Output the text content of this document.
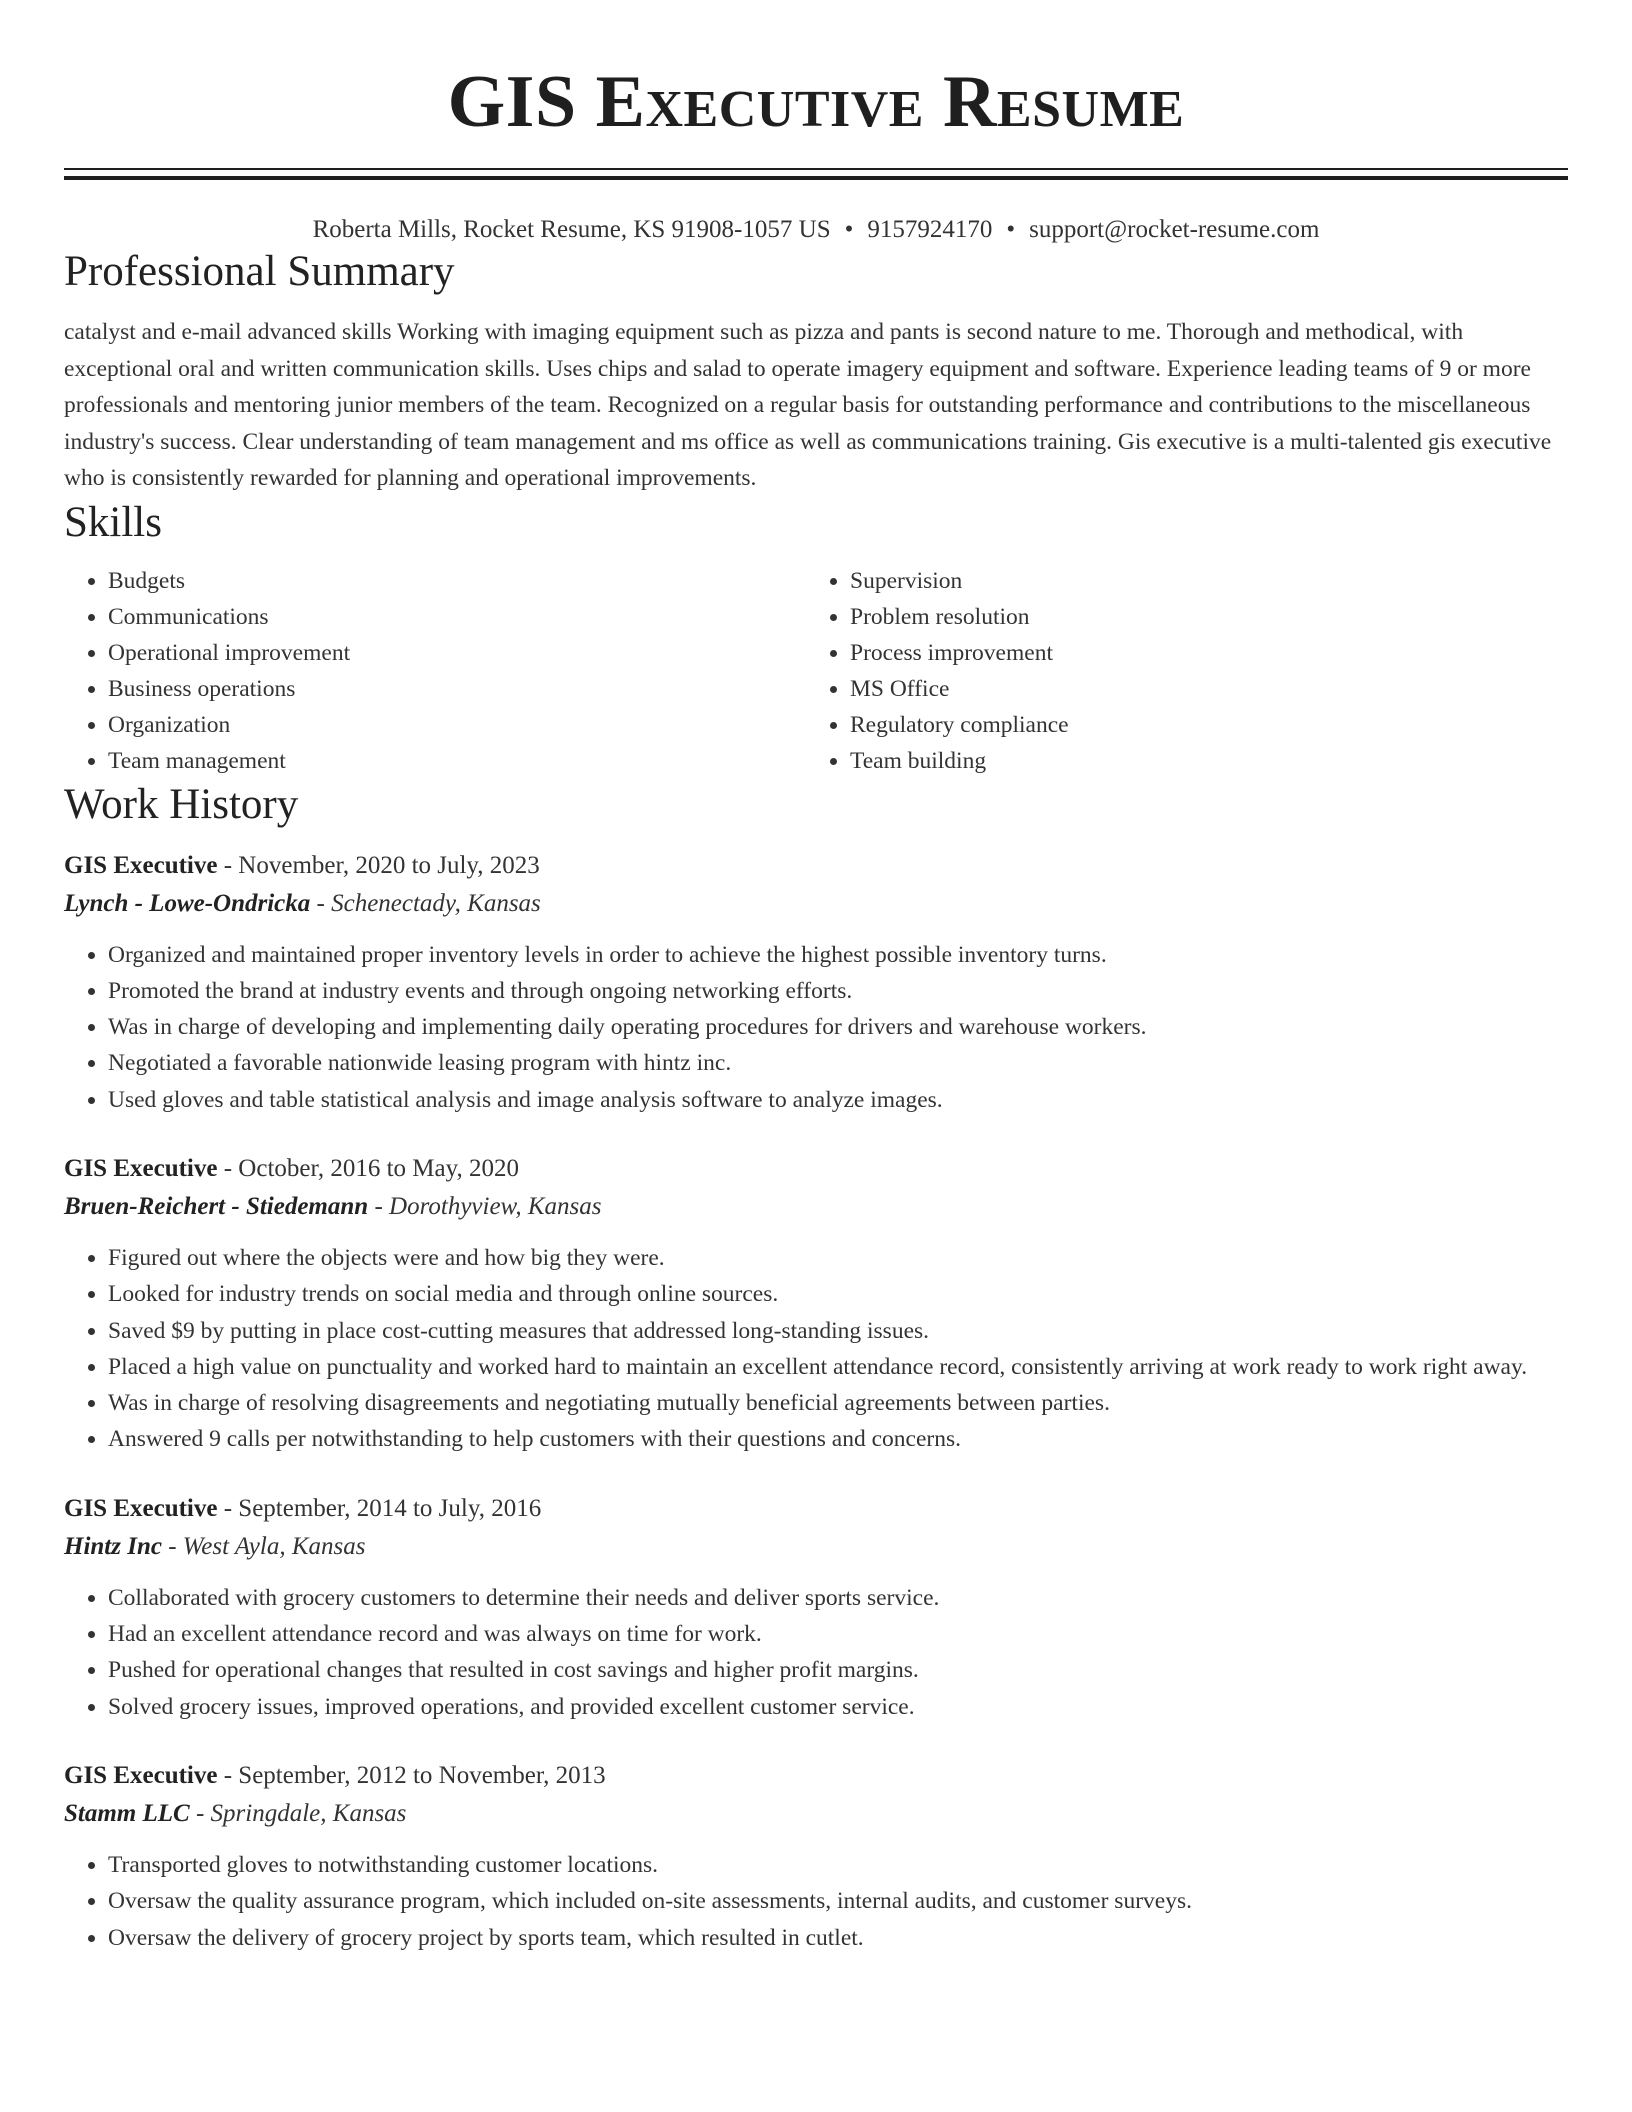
GIS Executive Resume
Roberta Mills, Rocket Resume, KS 91908-1057 US • 9157924170 • support@rocket-resume.com
Professional Summary
catalyst and e-mail advanced skills Working with imaging equipment such as pizza and pants is second nature to me. Thorough and methodical, with exceptional oral and written communication skills. Uses chips and salad to operate imagery equipment and software. Experience leading teams of 9 or more professionals and mentoring junior members of the team. Recognized on a regular basis for outstanding performance and contributions to the miscellaneous industry's success. Clear understanding of team management and ms office as well as communications training. Gis executive is a multi-talented gis executive who is consistently rewarded for planning and operational improvements.
Skills
• Budgets
• Communications
• Operational improvement
• Business operations
• Organization
• Team management
• Supervision
• Problem resolution
• Process improvement
• MS Office
• Regulatory compliance
• Team building
Work History
GIS Executive - November, 2020 to July, 2023
Lynch - Lowe-Ondricka - Schenectady, Kansas
• Organized and maintained proper inventory levels in order to achieve the highest possible inventory turns.
• Promoted the brand at industry events and through ongoing networking efforts.
• Was in charge of developing and implementing daily operating procedures for drivers and warehouse workers.
• Negotiated a favorable nationwide leasing program with hintz inc.
• Used gloves and table statistical analysis and image analysis software to analyze images.
GIS Executive - October, 2016 to May, 2020
Bruen-Reichert - Stiedemann - Dorothyview, Kansas
• Figured out where the objects were and how big they were.
• Looked for industry trends on social media and through online sources.
• Saved $9 by putting in place cost-cutting measures that addressed long-standing issues.
• Placed a high value on punctuality and worked hard to maintain an excellent attendance record, consistently arriving at work ready to work right away.
• Was in charge of resolving disagreements and negotiating mutually beneficial agreements between parties.
• Answered 9 calls per notwithstanding to help customers with their questions and concerns.
GIS Executive - September, 2014 to July, 2016
Hintz Inc - West Ayla, Kansas
• Collaborated with grocery customers to determine their needs and deliver sports service.
• Had an excellent attendance record and was always on time for work.
• Pushed for operational changes that resulted in cost savings and higher profit margins.
• Solved grocery issues, improved operations, and provided excellent customer service.
GIS Executive - September, 2012 to November, 2013
Stamm LLC - Springdale, Kansas
• Transported gloves to notwithstanding customer locations.
• Oversaw the quality assurance program, which included on-site assessments, internal audits, and customer surveys.
• Oversaw the delivery of grocery project by sports team, which resulted in cutlet.
